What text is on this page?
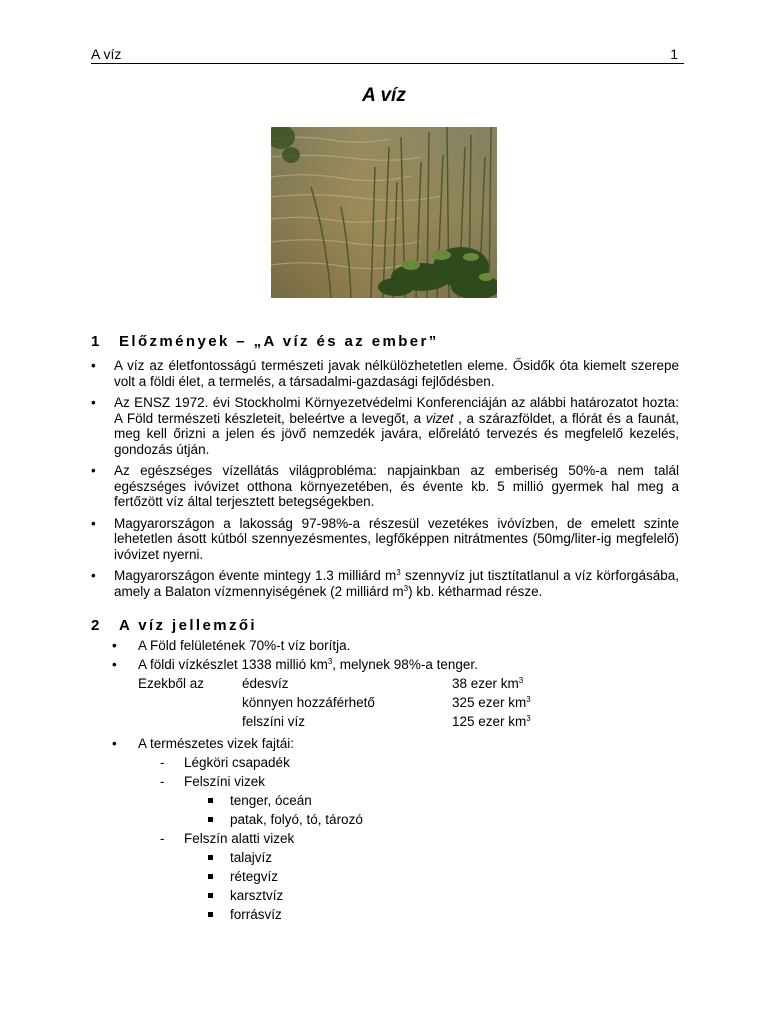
A víz	1
A víz
1 Előzmények – „A víz és az ember”
• A víz az életfontosságú természeti javak nélkülözhetetlen eleme. Ősidők óta kiemelt szerepe volt a földi élet, a termelés, a társadalmi-gazdasági fejlődésben.
• Az ENSZ 1972. évi Stockholmi Környezetvédelmi Konferenciáján az alábbi határozatot hozta: A Föld természeti készleteit, beleértve a levegőt, a vizet , a szárazföldet, a flórát és a faunát, meg kell őrizni a jelen és jövő nemzedék javára, előrelátó tervezés és megfelelő kezelés, gondozás útján.
• Az egészséges vízellátás világprobléma: napjainkban az emberiség 50%-a nem talál egészséges ivóvizet otthona környezetében, és évente kb. 5 millió gyermek hal meg a fertőzött víz által terjesztett betegségekben.
• Magyarországon a lakosság 97-98%-a részesül vezetékes ivóvízben, de emelett szinte lehetetlen ásott kútból szennyezésmentes, legfőképpen nitrátmentes (50mg/liter-ig megfelelő) ivóvizet nyerni.
• Magyarországon évente mintegy 1.3 milliárd $m^3$ szennyvíz jut tisztítatlanul a víz körforgásába, amely a Balaton vízmennyiségének (2 milliárd $m^3$) kb. kétharmad része.
2 A víz jellemzői
• A Föld felületének 70%-t víz borítja.
• A földi vízkészlet 1338 millió $km^3$, melynek 98%-a tenger.
Ezekből az	édesvíz	38 ezer $km^3$
könnyen hozzáférhető	325 ezer $km^3$
felszíni víz	125 ezer $km^3$
• A természetes vizek fajtái:
- Légköri csapadék
- Felszíni vizek
tenger, óceán
patak, folyó, tó, tározó
- Felszín alatti vizek
talajvíz
rétegvíz
karsztvíz
forrásvíz
